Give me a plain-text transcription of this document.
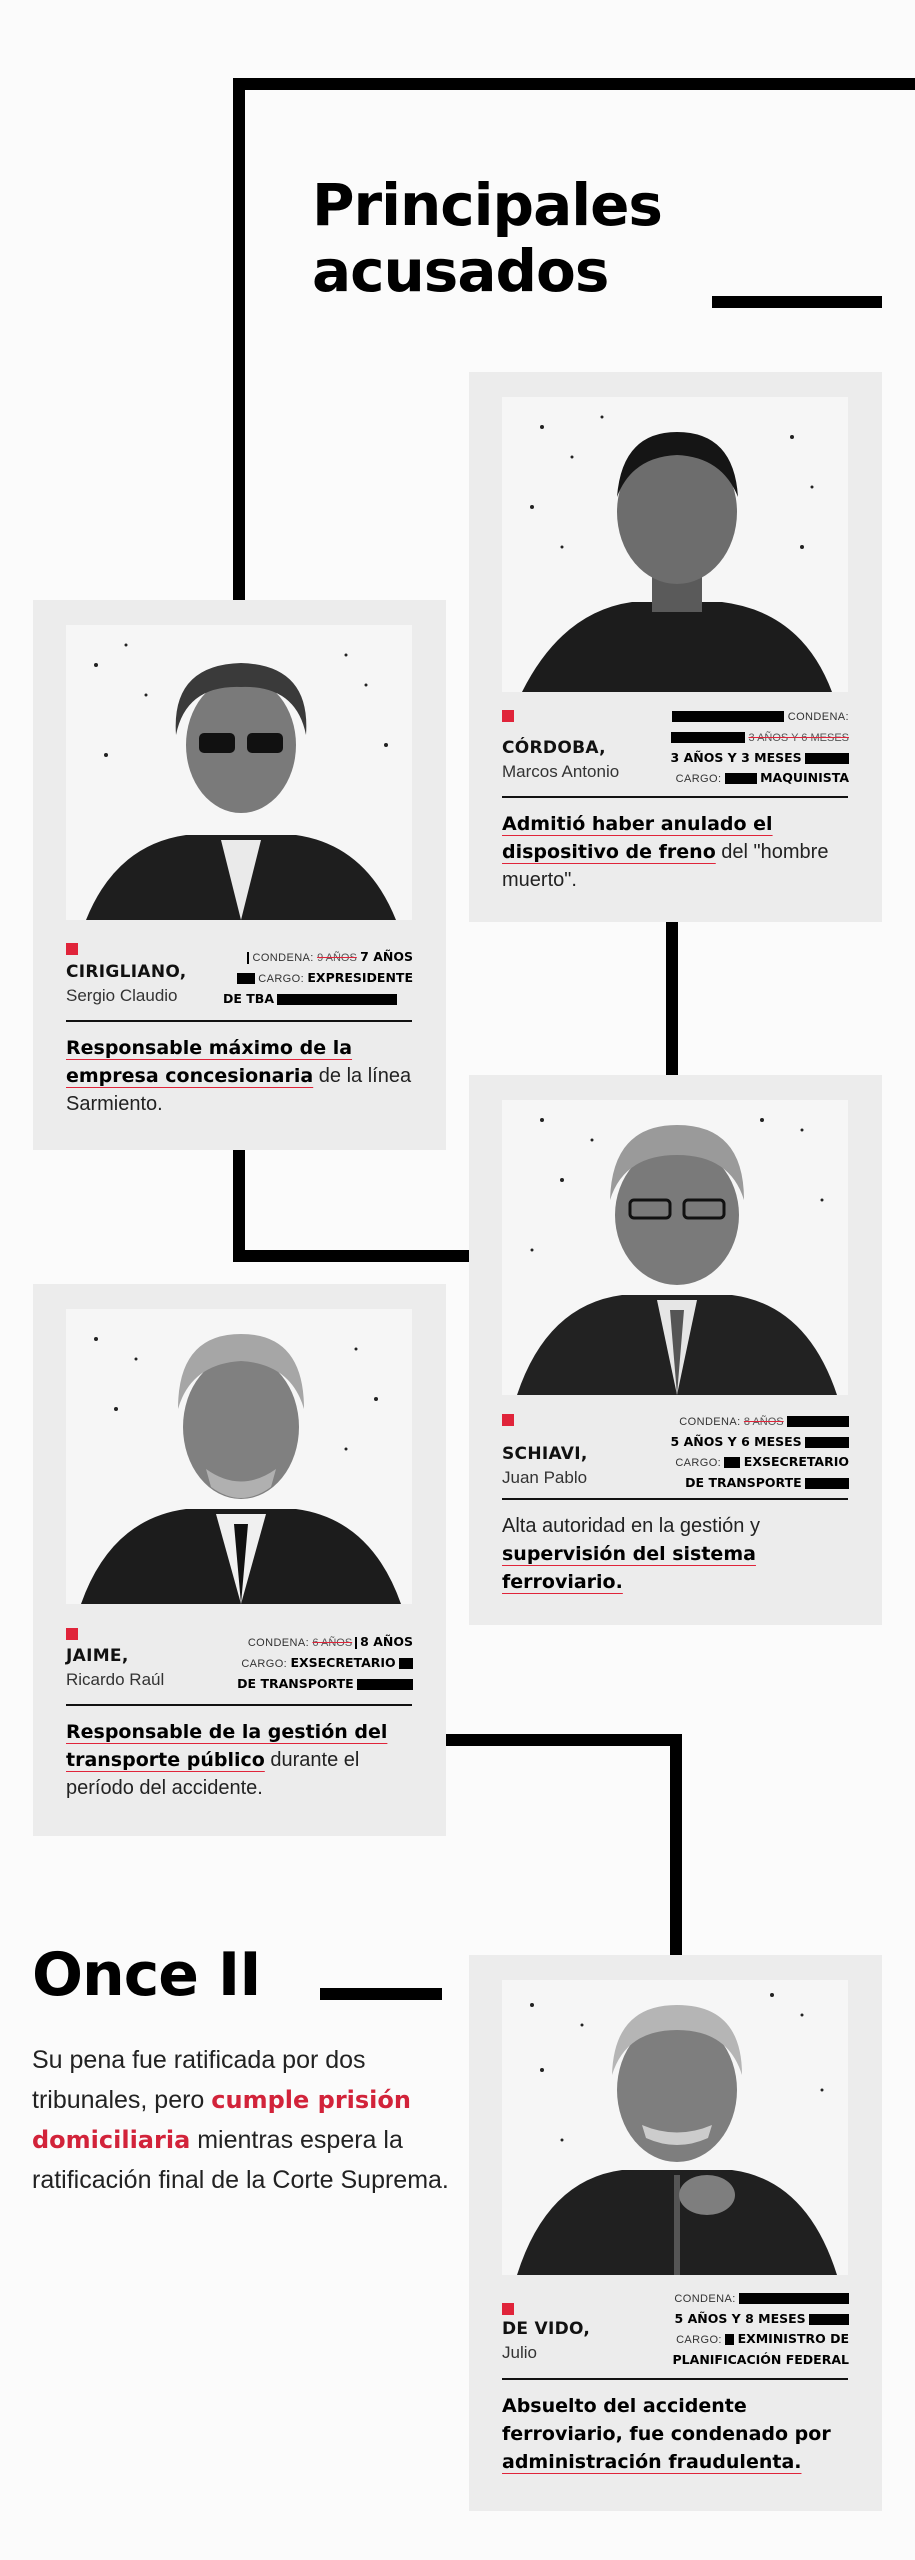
Principales
acusados
CÓRDOBA,
Marcos Antonio
CONDENA:
3 AÑOS Y 6 MESES
3 AÑOS Y 3 MESES
CARGO:	MAQUINISTA
Admitió haber anulado el dispositivo de freno del "hombre muerto".
CIRIGLIANO,
Sergio Claudio
CONDENA: 9 AÑOS 7 AÑOS
CARGO: EXPRESIDENTE
DE TBA
Responsable máximo de la empresa concesionaria de la línea Sarmiento.
SCHIAVI,
Juan Pablo
CONDENA: 8 AÑOS
5 AÑOS Y 6 MESES
CARGO: EXSECRETARIO
DE TRANSPORTE
Alta autoridad en la gestión y supervisión del sistema ferroviario.
JAIME,
Ricardo Raúl
CONDENA: 6 AÑOS 8 AÑOS
CARGO: EXSECRETARIO
DE TRANSPORTE
Responsable de la gestión del transporte público durante el período del accidente.
Once II

Su pena fue ratificada por dos tribunales, pero cumple prisión domiciliaria mientras espera la ratificación final de la Corte Suprema.

DE VIDO,
Julio
CONDENA:
5 AÑOS Y 8 MESES
CARGO: EXMINISTRO DE
PLANIFICACIÓN FEDERAL
Absuelto del accidente ferroviario, fue condenado por administración fraudulenta.
